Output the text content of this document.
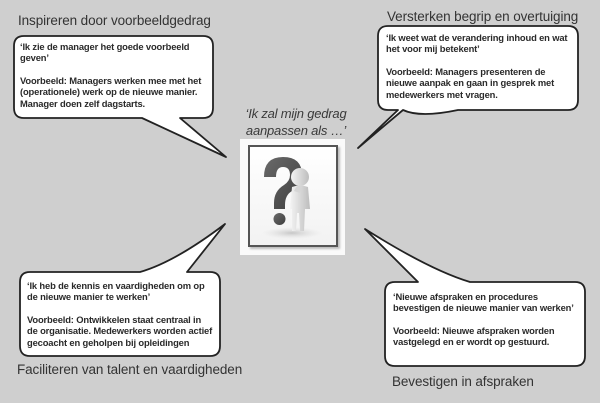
Inspireren door voorbeeldgedrag	Versterken begrip en overtuiging
Faciliteren van talent en vaardigheden
Bevestigen in afspraken

‘Ik zie de manager het goede voorbeeld
geven’

Voorbeeld: Managers werken mee met het
(operationele) werk op de nieuwe manier.
Manager doen zelf dagstarts.

‘Ik weet wat de verandering inhoud en wat
het voor mij betekent’

Voorbeeld: Managers presenteren de
nieuwe aanpak en gaan in gesprek met
medewerkers met vragen.

‘Ik heb de kennis en vaardigheden om op
de nieuwe manier te werken’

Voorbeeld: Ontwikkelen staat centraal in
de organisatie. Medewerkers worden actief
gecoacht en geholpen bij opleidingen

‘Nieuwe afspraken en procedures
bevestigen de nieuwe manier van werken’

Voorbeeld: Nieuwe afspraken worden
vastgelegd en er wordt op gestuurd.

‘Ik zal mijn gedrag
aanpassen als …’
